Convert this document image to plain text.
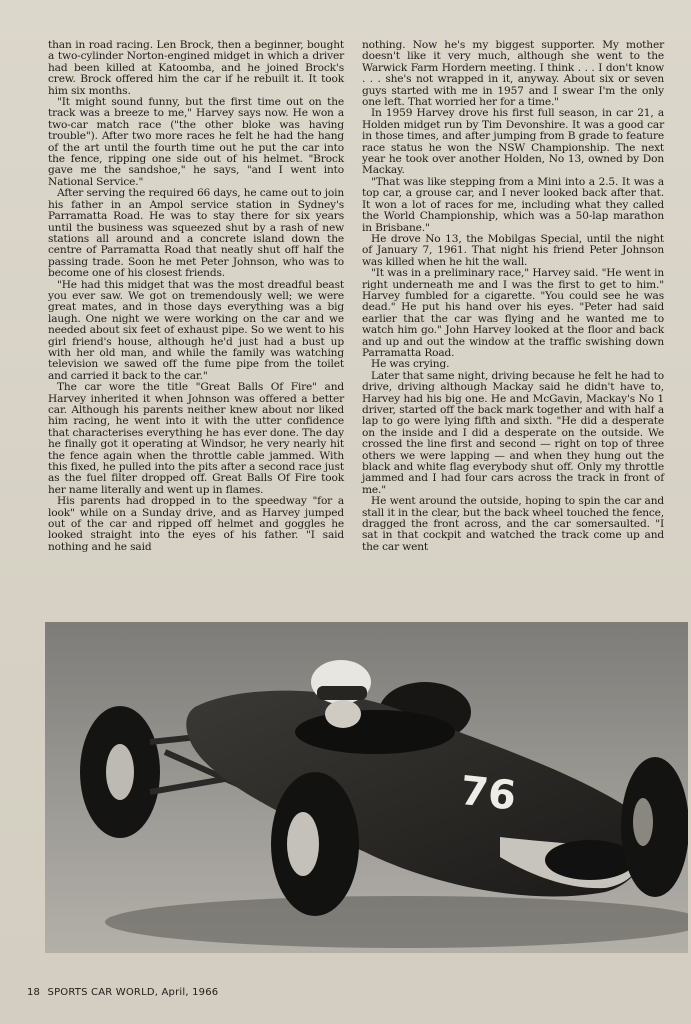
than in road racing. Len Brock, then a beginner, bought a two-cylinder Norton-engined midget in which a driver had been killed at Katoomba, and he joined Brock's crew. Brock offered him the car if he rebuilt it. It took him six months.

"It might sound funny, but the first time out on the track was a breeze to me," Harvey says now. He won a two-car match race ("the other bloke was having trouble"). After two more races he felt he had the hang of the art until the fourth time out he put the car into the fence, ripping one side out of his helmet. "Brock gave me the sandshoe," he says, "and I went into National Service."

After serving the required 66 days, he came out to join his father in an Ampol service station in Sydney's Parramatta Road. He was to stay there for six years until the business was squeezed shut by a rash of new stations all around and a concrete island down the centre of Parramatta Road that neatly shut off half the passing trade. Soon he met Peter Johnson, who was to become one of his closest friends.

"He had this midget that was the most dreadful beast you ever saw. We got on tremendously well; we were great mates, and in those days everything was a big laugh. One night we were working on the car and we needed about six feet of exhaust pipe. So we went to his girl friend's house, although he'd just had a bust up with her old man, and while the family was watching television we sawed off the fume pipe from the toilet and carried it back to the car."

The car wore the title "Great Balls Of Fire" and Harvey inherited it when Johnson was offered a better car. Although his parents neither knew about nor liked him racing, he went into it with the utter confidence that characterises everything he has ever done. The day he finally got it operating at Windsor, he very nearly hit the fence again when the throttle cable jammed. With this fixed, he pulled into the pits after a second race just as the fuel filter dropped off. Great Balls Of Fire took her name literally and went up in flames.

His parents had dropped in to the speedway "for a look" while on a Sunday drive, and as Harvey jumped out of the car and ripped off helmet and goggles he looked straight into the eyes of his father. "I said nothing and he said

nothing. Now he's my biggest supporter. My mother doesn't like it very much, although she went to the Warwick Farm Hordern meeting. I think . . . I don't know . . . she's not wrapped in it, anyway. About six or seven guys started with me in 1957 and I swear I'm the only one left. That worried her for a time."

In 1959 Harvey drove his first full season, in car 21, a Holden midget run by Tim Devonshire. It was a good car in those times, and after jumping from B grade to feature race status he won the NSW Championship. The next year he took over another Holden, No 13, owned by Don Mackay.

"That was like stepping from a Mini into a 2.5. It was a top car, a grouse car, and I never looked back after that. It won a lot of races for me, including what they called the World Championship, which was a 50-lap marathon in Brisbane."

He drove No 13, the Mobilgas Special, until the night of January 7, 1961. That night his friend Peter Johnson was killed when he hit the wall.

"It was in a preliminary race," Harvey said. "He went in right underneath me and I was the first to get to him." Harvey fumbled for a cigarette. "You could see he was dead." He put his hand over his eyes. "Peter had said earlier that the car was flying and he wanted me to watch him go." John Harvey looked at the floor and back and up and out the window at the traffic swishing down Parramatta Road.

He was crying.

Later that same night, driving because he felt he had to drive, driving although Mackay said he didn't have to, Harvey had his big one. He and McGavin, Mackay's No 1 driver, started off the back mark together and with half a lap to go were lying fifth and sixth. "He did a desperate on the inside and I did a desperate on the outside. We crossed the line first and second — right on top of three others we were lapping — and when they hung out the black and white flag everybody shut off. Only my throttle jammed and I had four cars across the track in front of me."

He went around the outside, hoping to spin the car and stall it in the clear, but the back wheel touched the fence, dragged the front across, and the car somersaulted. "I sat in that cockpit and watched the track come up and the car went

76
18 SPORTS CAR WORLD, April, 1966
